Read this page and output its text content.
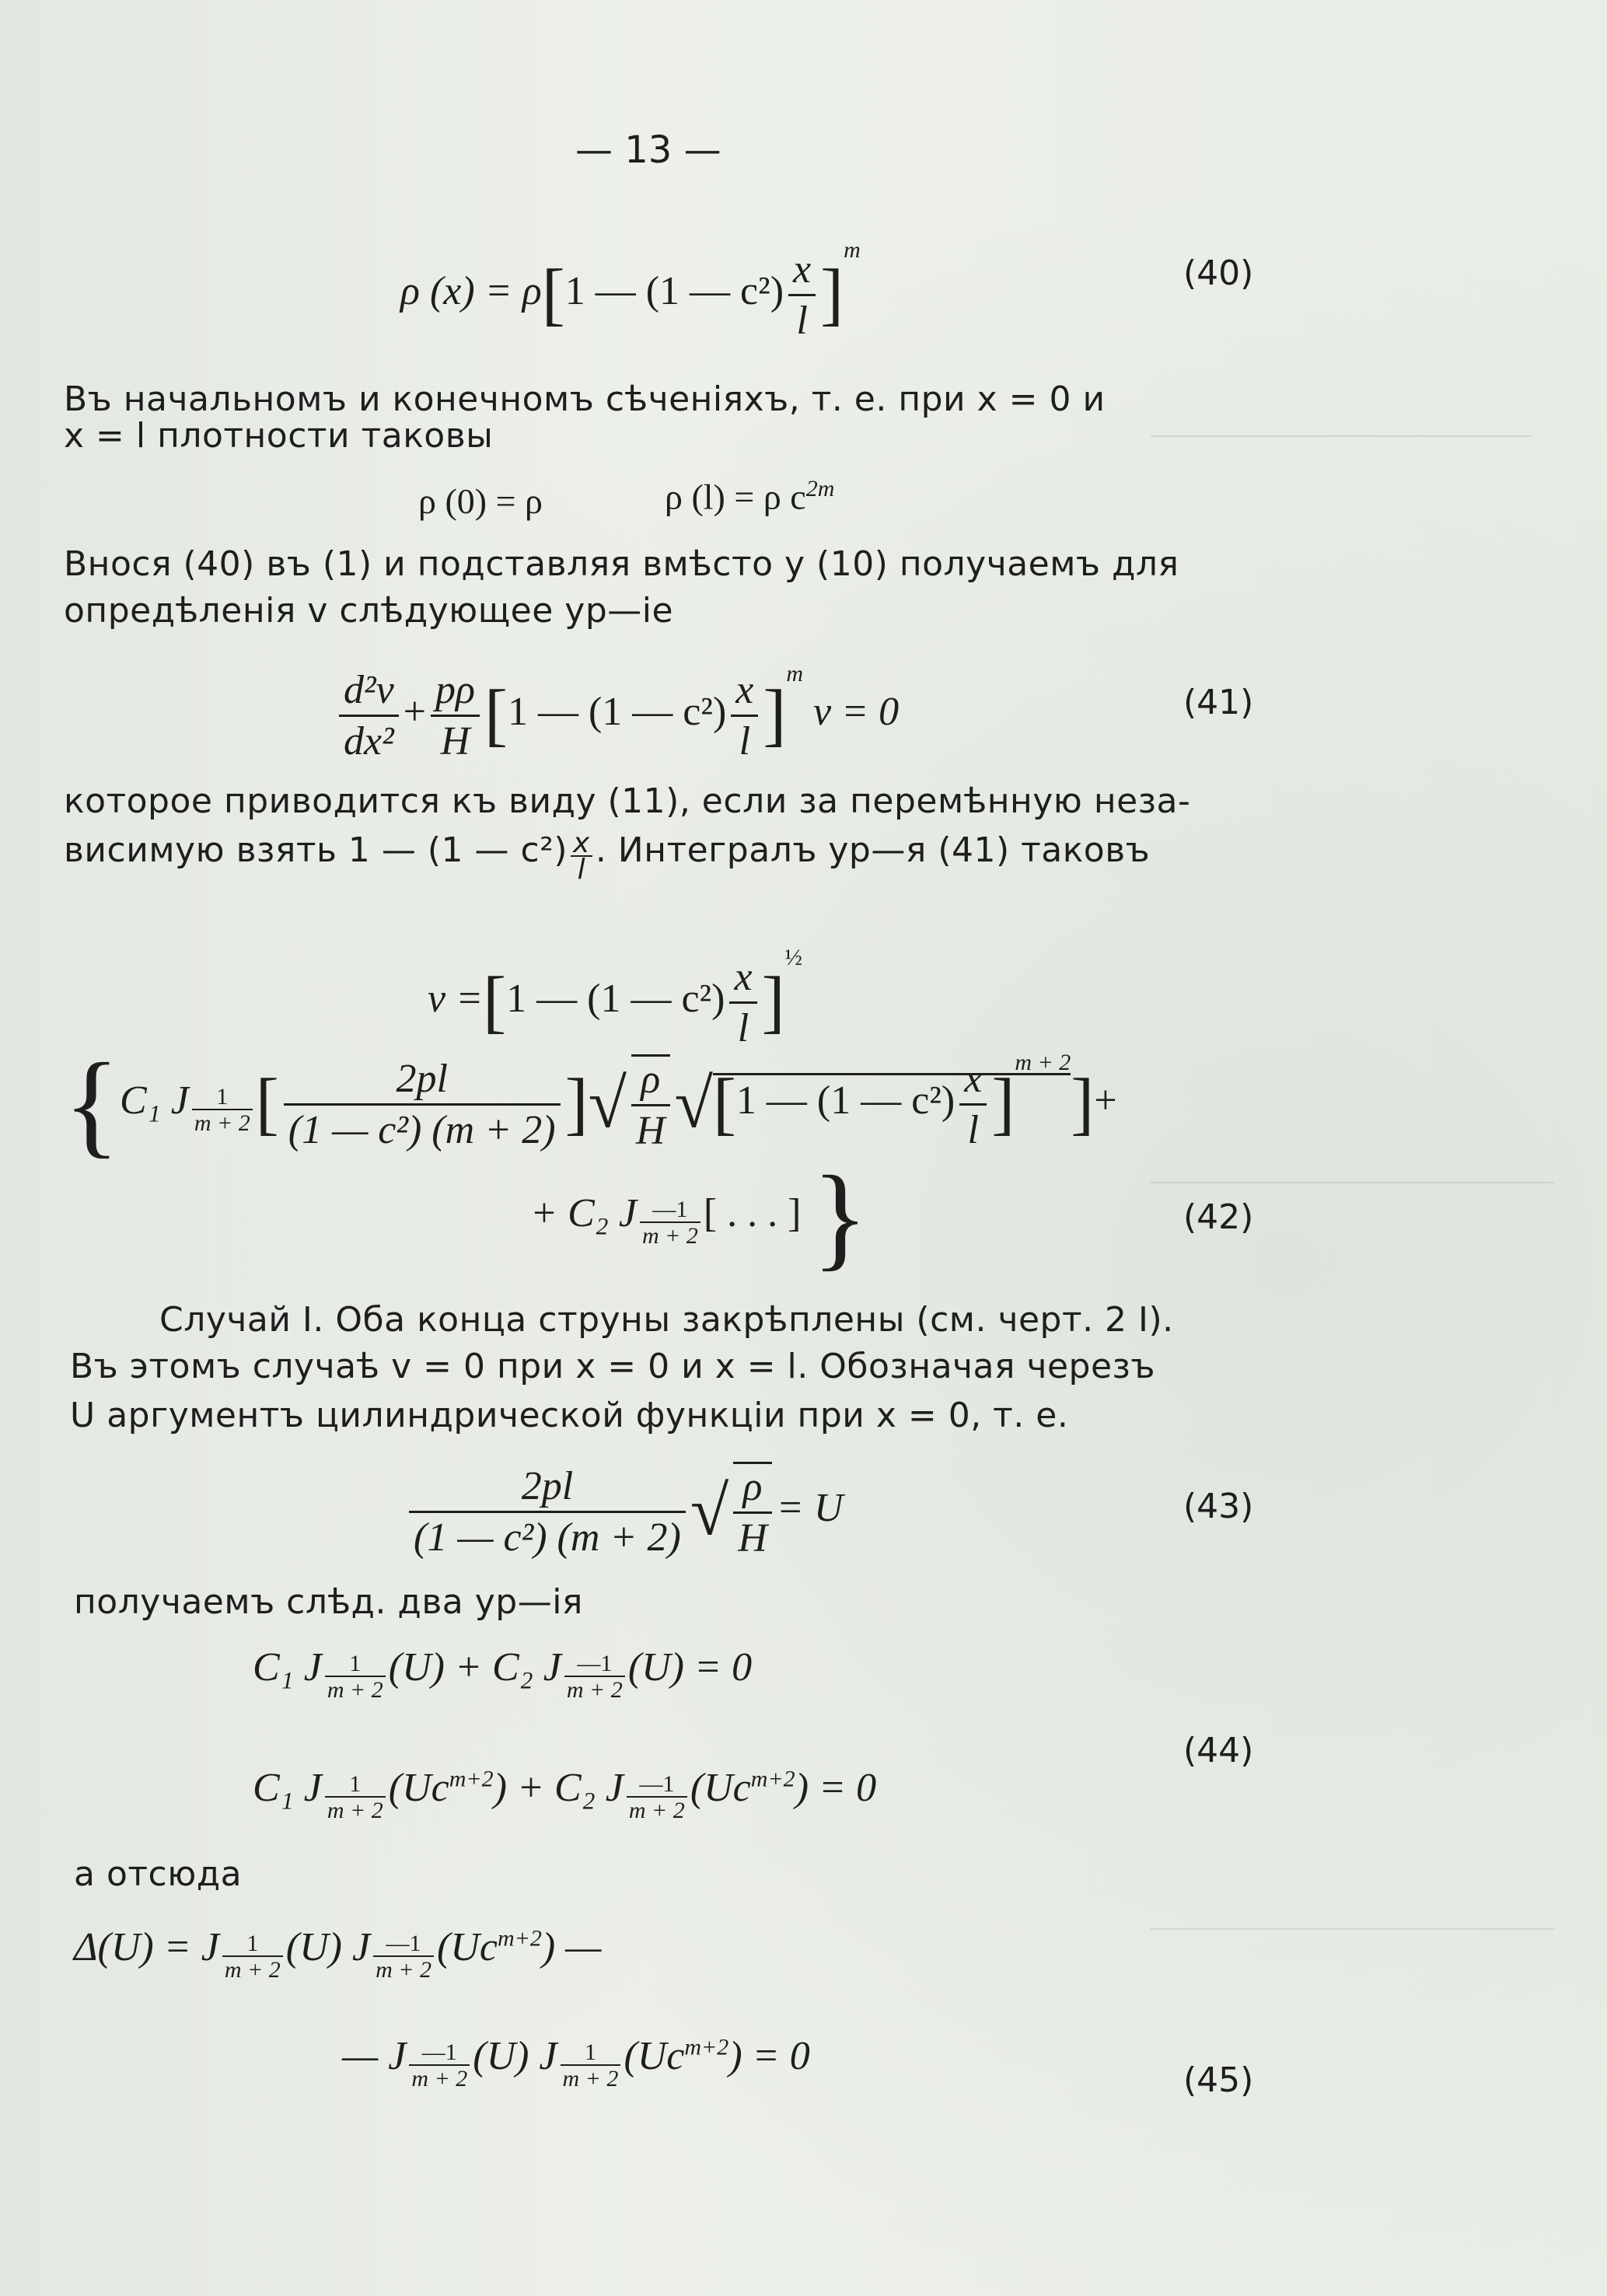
— 13 —
ρ (x) = ρ[1 — (1 — $c^2) \frac{x}{l} ]^m$
(40)
Въ начальномъ и конечномъ сѣченіяхъ, т. е. при x = 0 и
x = l плотности таковы
ρ (0) = ρ	ρ (l) = ρ $c^{2m}$
Внося (40) въ (1) и подставляя вмѣсто y (10) получаемъ для
опредѣленія v слѣдующее ур—іе
$\frac{\text{d²v}}{\text{dx²}} + \frac{p\rho}{H} [1$ — (1 — $c^2) \frac{x}{l} ]^m$ v = 0	(41)
которое приводится къ виду (11), если за перемѣнную неза-
висимую взять 1 — (1 — $c^2) \frac{x}{l}$ . Интегралъ ур—я (41) таковъ
v =[1 — (1 — $c^2) \frac{x}{l} ]^{\frac{1}{2}}$
{C₁ J $\frac{1}{m + 2}$ [ $\frac{2pl}{\text{(1 — c²) (m + 2)}}$ ]√ $\frac{\rho}{H} √[1$ — (1 — $c^2) \frac{x}{l} ]^{m + 2}]+$
+ C₂ J $\frac{—1}{m + 2}$ [ . . . ]}	(42)
Случай I. Оба конца струны закрѣплены (см. черт. 2 I).
Въ этомъ случаѣ v = 0 при x = 0 и x = l. Обозначая черезъ
U аргументъ цилиндрической функціи при x = 0, т. е.
$\frac{2pl}{\text{(1 — c²) (m + 2)}}$ √ $\frac{\rho}{H} = U$	(43)
получаемъ слѣд. два ур—ія
C₁ J $\frac{1}{m + 2} (U) + C_2$ J $\frac{—1}{m + 2} (U) = 0$
C₁ J $\frac{1}{m + 2} (Uc^{m+2}) + C_2$ J $\frac{—1}{m + 2} (Uc^{m+2}) = 0$
(44)
а отсюда
Δ(U) = J $\frac{1}{m + 2} (U)$ J $\frac{—1}{m + 2} (Uc^{m+2})$ —
— J $\frac{—1}{m + 2} (U)$ J $\frac{1}{m + 2} (Uc^{m+2}) = 0$
(45)
